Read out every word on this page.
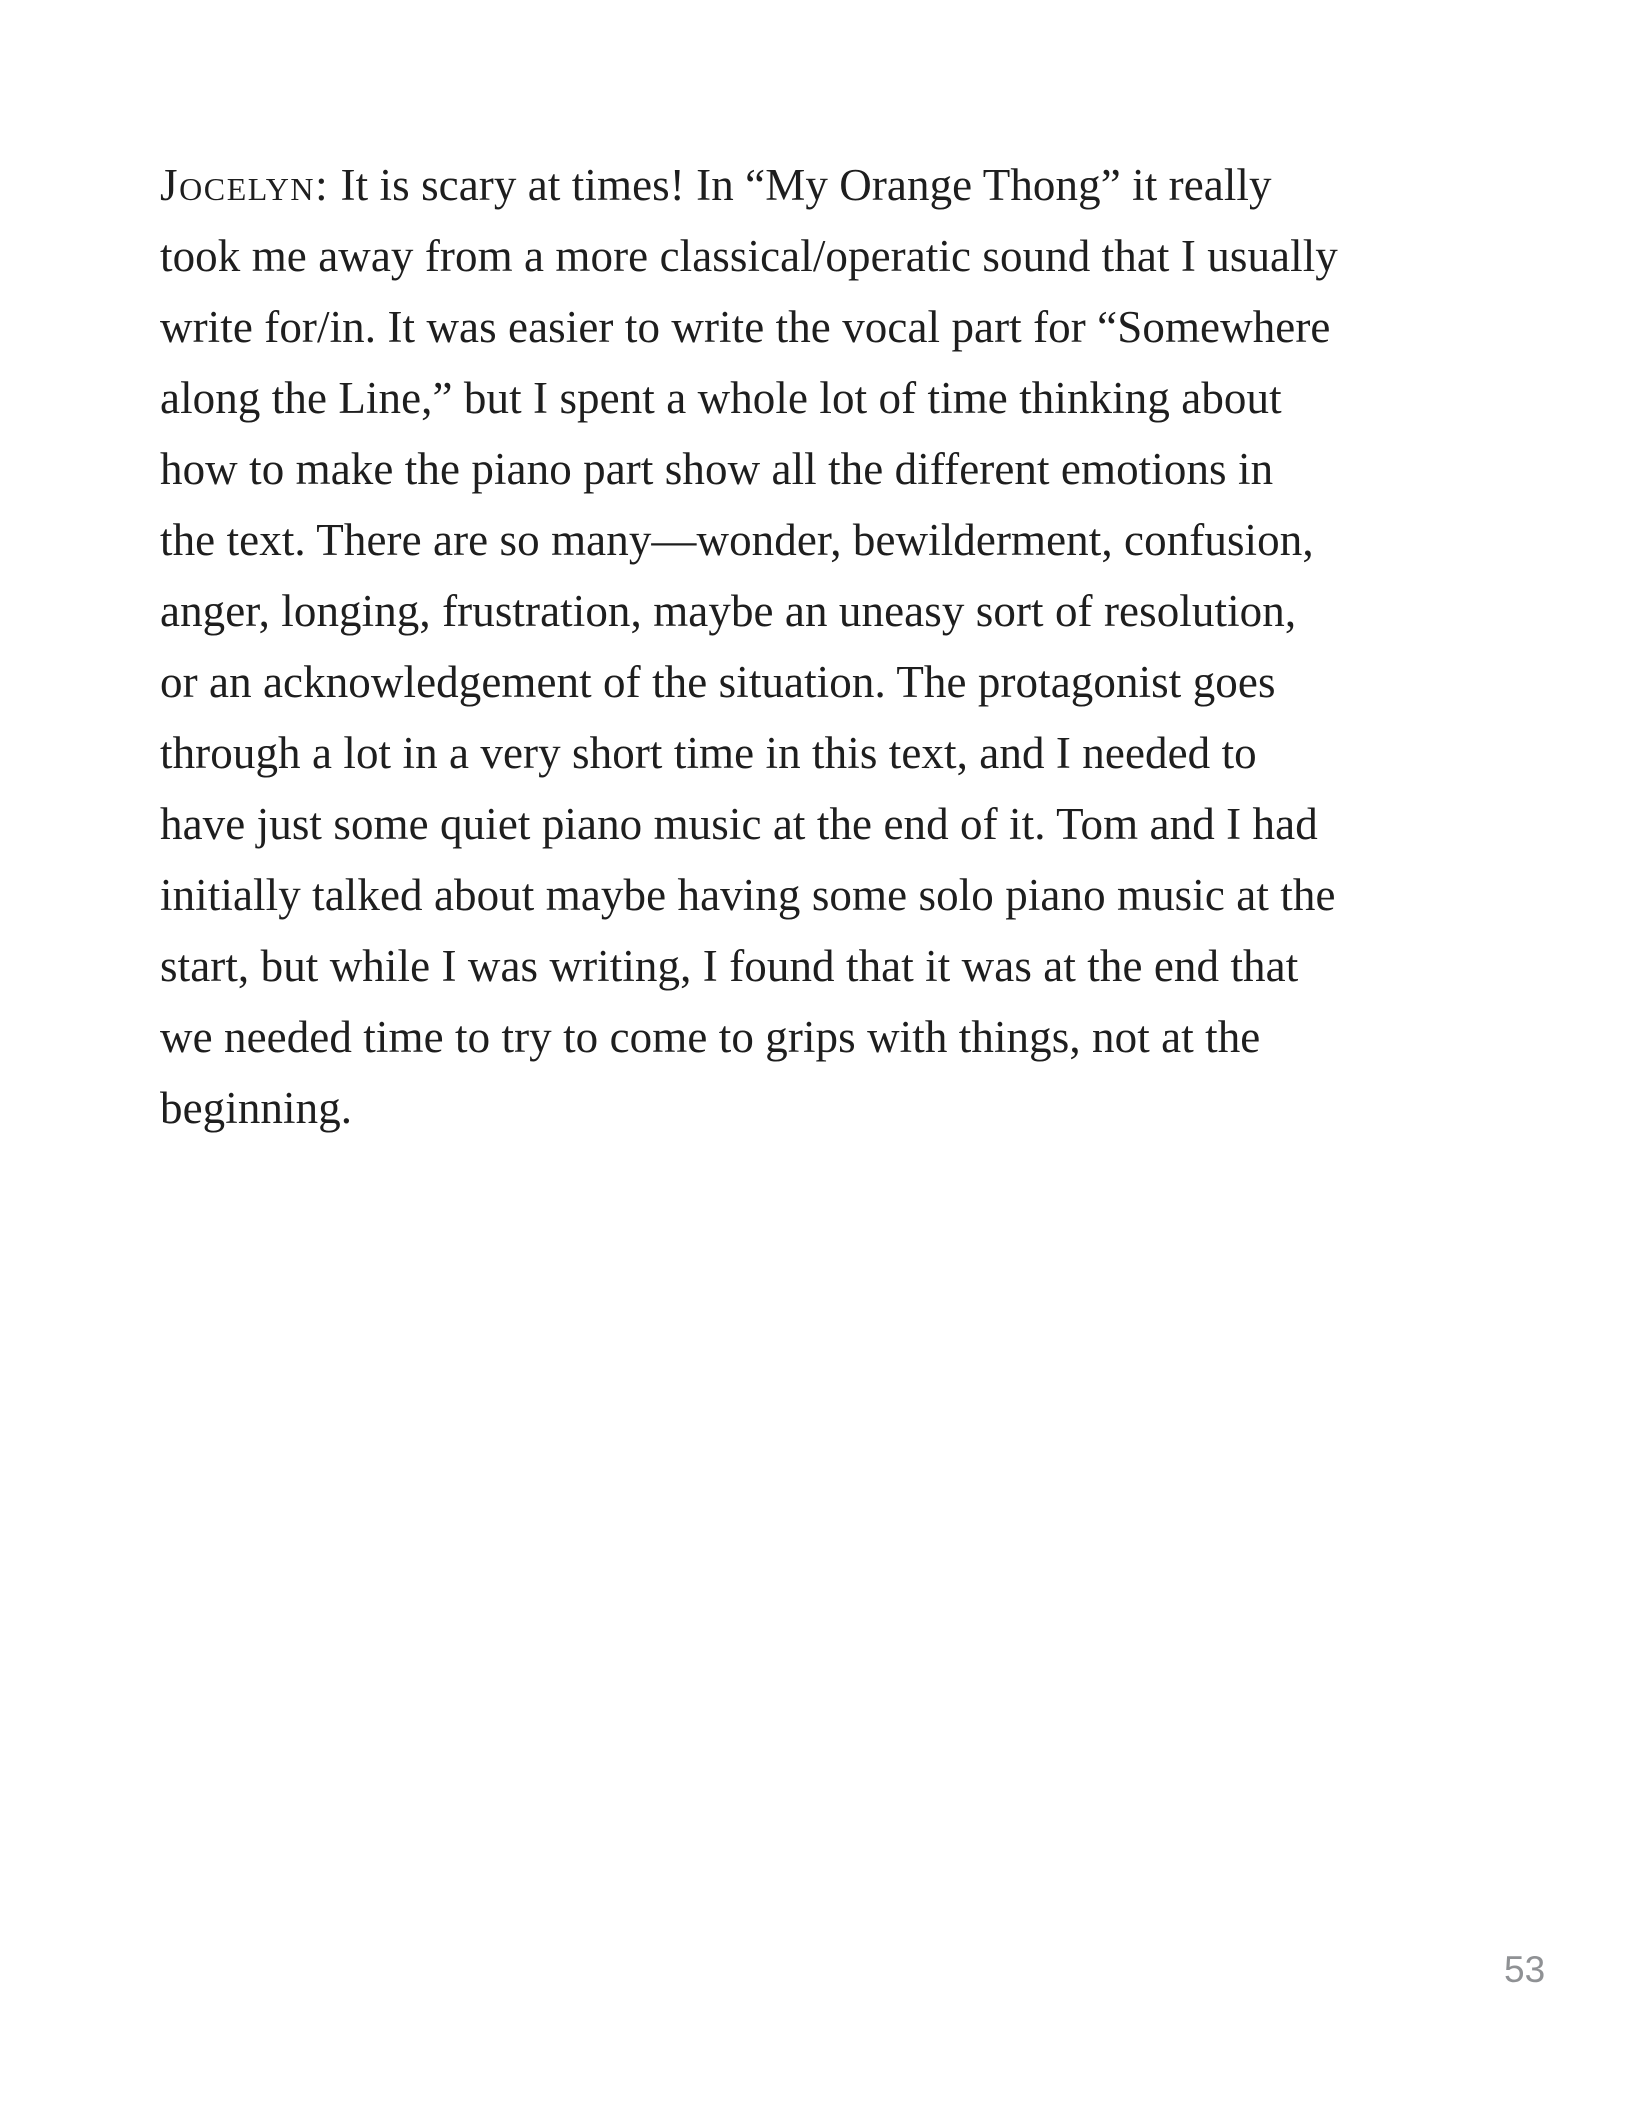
Jocelyn: It is scary at times! In “My Orange Thong” it really
took me away from a more classical/operatic sound that I usually
write for/in. It was easier to write the vocal part for “Somewhere
along the Line,” but I spent a whole lot of time thinking about
how to make the piano part show all the different emotions in
the text. There are so many—wonder, bewilderment, confusion,
anger, longing, frustration, maybe an uneasy sort of resolution,
or an acknowledgement of the situation. The protagonist goes
through a lot in a very short time in this text, and I needed to
have just some quiet piano music at the end of it. Tom and I had
initially talked about maybe having some solo piano music at the
start, but while I was writing, I found that it was at the end that
we needed time to try to come to grips with things, not at the
beginning.
53
